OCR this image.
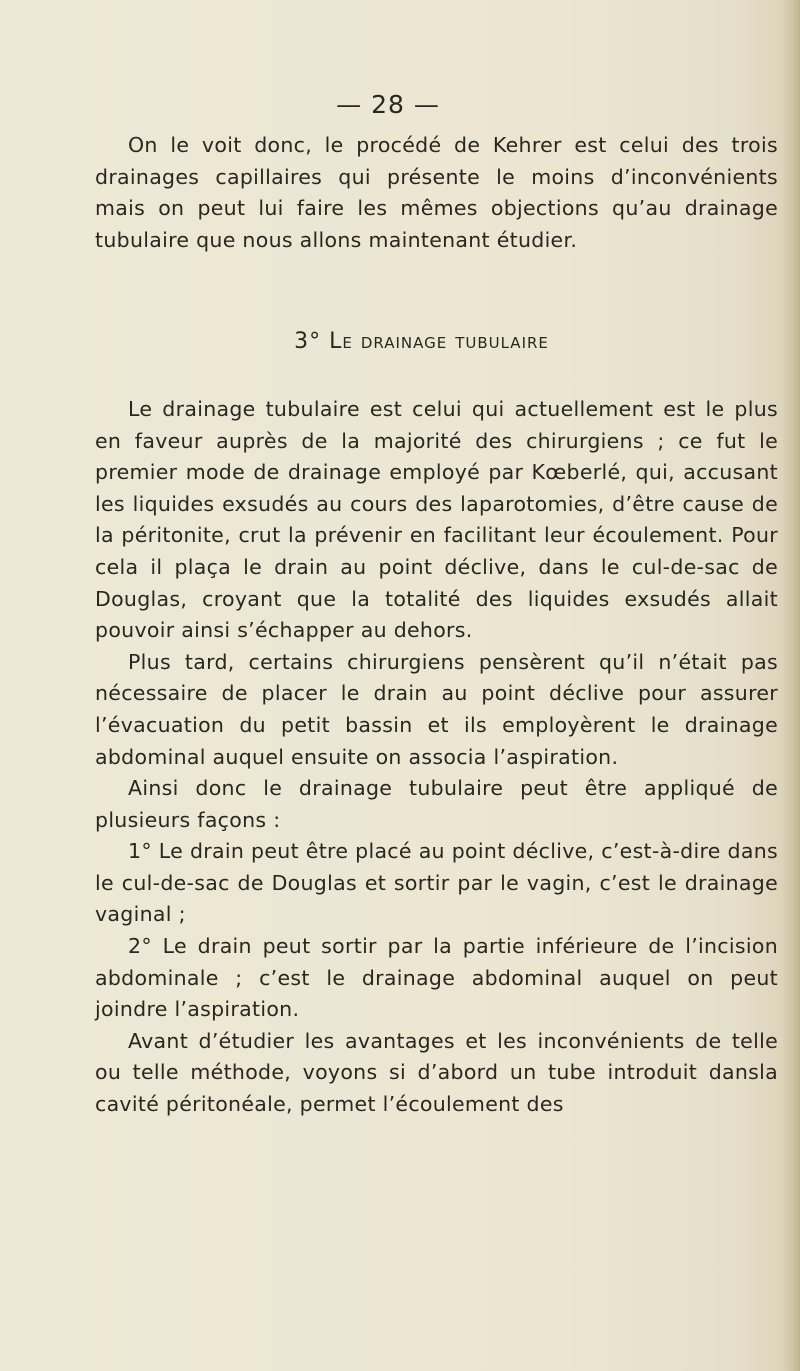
— 28 —

On le voit donc, le procédé de Kehrer est celui des trois drainages capillaires qui présente le moins d’inconvénients mais on peut lui faire les mêmes objections qu’au drainage tubulaire que nous allons maintenant étudier.

3° Le drainage tubulaire

Le drainage tubulaire est celui qui actuellement est le plus en faveur auprès de la majorité des chirurgiens ; ce fut le premier mode de drainage employé par Kœberlé, qui, accusant les liquides exsudés au cours des laparotomies, d’être cause de la péritonite, crut la prévenir en facilitant leur écoulement. Pour cela il plaça le drain au point déclive, dans le cul-de-sac de Douglas, croyant que la totalité des liquides exsudés allait pouvoir ainsi s’échapper au dehors.

Plus tard, certains chirurgiens pensèrent qu’il n’était pas nécessaire de placer le drain au point déclive pour assurer l’évacuation du petit bassin et ils employèrent le drainage abdominal auquel ensuite on associa l’aspiration.

Ainsi donc le drainage tubulaire peut être appliqué de plusieurs façons :

1° Le drain peut être placé au point déclive, c’est-à-dire dans le cul-de-sac de Douglas et sortir par le vagin, c’est le drainage vaginal ;

2° Le drain peut sortir par la partie inférieure de l’incision abdominale ; c’est le drainage abdominal auquel on peut joindre l’aspiration.

Avant d’étudier les avantages et les inconvénients de telle ou telle méthode, voyons si d’abord un tube introduit dansla cavité péritonéale, permet l’écoulement des
